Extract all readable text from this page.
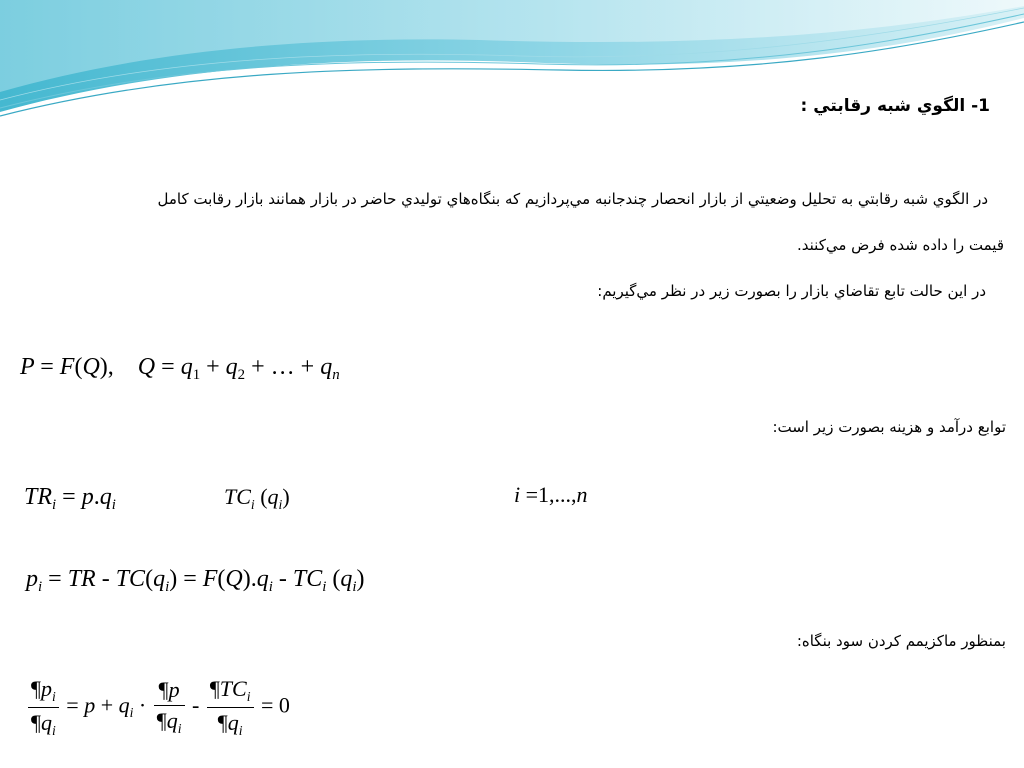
1- الگوي شبه رقابتي :
در الگوي شبه رقابتي به تحليل وضعيتي از بازار انحصار چندجانبه مي‌پردازيم که بنگاه‌هاي توليدي حاضر در بازار همانند بازار رقابت کامل
قيمت را داده شده فرض مي‌کنند.
در اين حالت تابع تقاضاي بازار را بصورت زير در نظر مي‌گيريم:
P = F(Q),    $Q = q_1 + q_2$ + … + $q_n$
توابع درآمد و هزينه بصورت زير است:
$TR_i = p.q_i$	$TC_i$ $(q_i)$	i =1,...,n
$p_i$ = TR - $TC(q_i) = F(Q).q_i - TC_i$ $(q_i)$
بمنظور ماکزيمم کردن سود بنگاه:
$\frac{\P p_i}{\P q_i} = p + q_i \cdot \frac{\P p}{\P q_i} - \frac{\P TC_i}{\P q_i} = 0$
